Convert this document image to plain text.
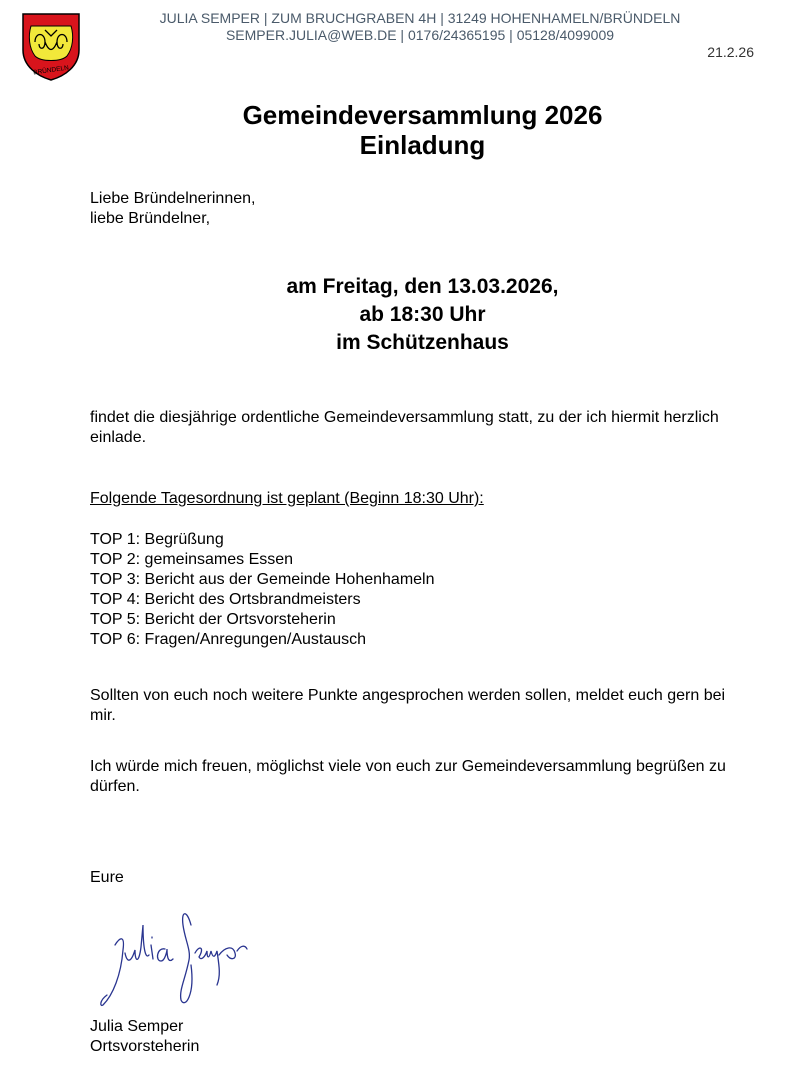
BRÜNDELN
JULIA SEMPER | ZUM BRUCHGRABEN 4H | 31249 HOHENHAMELN/BRÜNDELN
SEMPER.JULIA@WEB.DE | 0176/24365195 | 05128/4099009
21.2.26
Gemeindeversammlung 2026
Einladung
Liebe Bründelnerinnen,
liebe Bründelner,
am Freitag, den 13.03.2026,
ab 18:30 Uhr
im Schützenhaus
findet die diesjährige ordentliche Gemeindeversammlung statt, zu der ich hiermit herzlich einlade.
Folgende Tagesordnung ist geplant (Beginn 18:30 Uhr):
TOP 1: Begrüßung
TOP 2: gemeinsames Essen
TOP 3: Bericht aus der Gemeinde Hohenhameln
TOP 4: Bericht des Ortsbrandmeisters
TOP 5: Bericht der Ortsvorsteherin
TOP 6: Fragen/Anregungen/Austausch
Sollten von euch noch weitere Punkte angesprochen werden sollen, meldet euch gern bei mir.
Ich würde mich freuen, möglichst viele von euch zur Gemeindeversammlung begrüßen zu dürfen.
Eure
Julia Semper
Ortsvorsteherin
